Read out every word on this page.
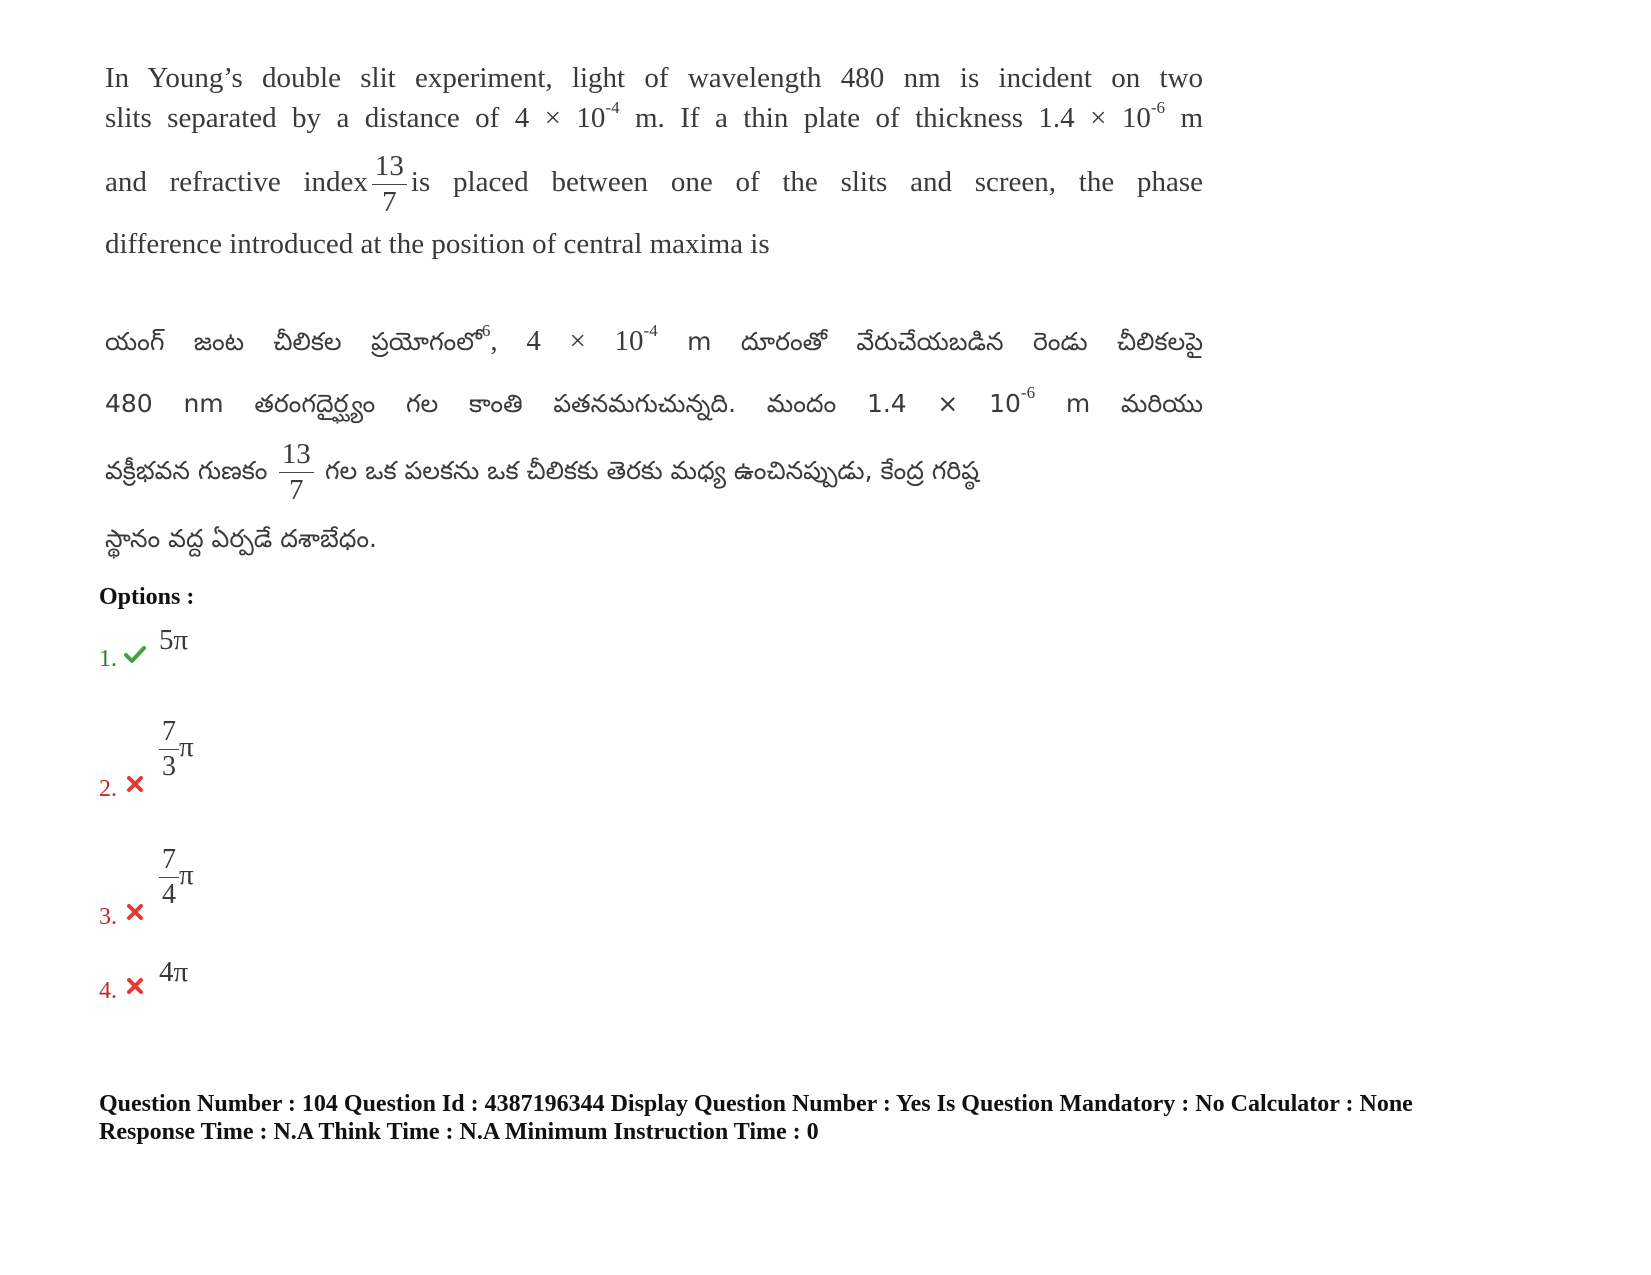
In Young’s double slit experiment, light of wavelength 480 nm is incident on two
slits separated by a distance of $4 \times 10^{-4}$ m. If a thin plate of thickness $1.4 \times 10^{-6}$ m
and refractive index $\frac{13}{7}$ is placed between one of the slits and screen, the phase
difference introduced at the position of central maxima is
యంగ్ జంట చీలికల ప్రయోగంలో$^6$, $4 \times 10^{-4}$ m దూరంతో వేరుచేయబడిన రెండు చీలికలపై
480 nm తరంగదైర్ఘ్యం గల కాంతి పతనమగుచున్నది. మందం $1.4 \times 10^{-6}$ m మరియు
వక్రీభవన గుణకం $\frac{13}{7}$ గల ఒక పలకను ఒక చీలికకు తెరకు మధ్య ఉంచినప్పుడు, కేంద్ర గరిష్ఠ
స్థానం వద్ద ఏర్పడే దశాబేధం.
Options :
1.
5π
2.
$\frac{7}{3}$ π
3.
$\frac{7}{4}$ π
4.
4π
Question Number : 104 Question Id : 4387196344 Display Question Number : Yes Is Question Mandatory : No Calculator : None
Response Time : N.A Think Time : N.A Minimum Instruction Time : 0
